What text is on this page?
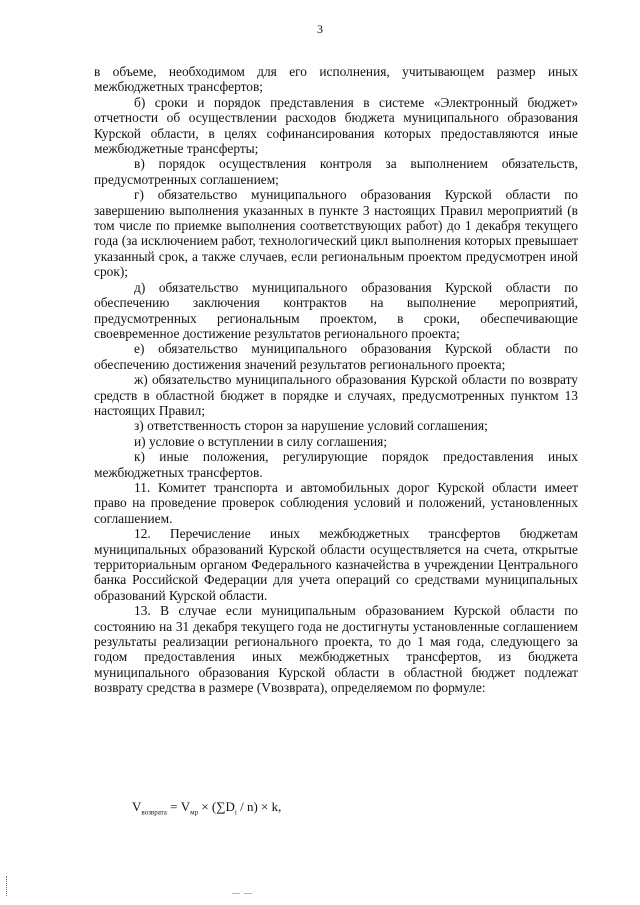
3

в объеме, необходимом для его исполнения, учитывающем размер иных межбюджетных трансфертов;

б) сроки и порядок представления в системе «Электронный бюджет» отчетности об осуществлении расходов бюджета муниципального образования Курской области, в целях софинансирования которых предоставляются иные межбюджетные трансферты;

в) порядок осуществления контроля за выполнением обязательств, предусмотренных соглашением;

г) обязательство муниципального образования Курской области по завершению выполнения указанных в пункте 3 настоящих Правил мероприятий (в том числе по приемке выполнения соответствующих работ) до 1 декабря текущего года (за исключением работ, технологический цикл выполнения которых превышает указанный срок, а также случаев, если региональным проектом предусмотрен иной срок);

д) обязательство муниципального образования Курской области по обеспечению заключения контрактов на выполнение мероприятий, предусмотренных региональным проектом, в сроки, обеспечивающие своевременное достижение результатов регионального проекта;

е) обязательство муниципального образования Курской области по обеспечению достижения значений результатов регионального проекта;

ж) обязательство муниципального образования Курской области по возврату средств в областной бюджет в порядке и случаях, предусмотренных пунктом 13 настоящих Правил;

з) ответственность сторон за нарушение условий соглашения;

и) условие о вступлении в силу соглашения;

к) иные положения, регулирующие порядок предоставления иных межбюджетных трансфертов.

11. Комитет транспорта и автомобильных дорог Курской области имеет право на проведение проверок соблюдения условий и положений, установленных соглашением.

12. Перечисление иных межбюджетных трансфертов бюджетам муниципальных образований Курской области осуществляется на счета, открытые территориальным органом Федерального казначейства в учреждении Центрального банка Российской Федерации для учета операций со средствами муниципальных образований Курской области.

13. В случае если муниципальным образованием Курской области по состоянию на 31 декабря текущего года не достигнуты установленные соглашением результаты реализации регионального проекта, то до 1 мая года, следующего за годом предоставления иных межбюджетных трансфертов, из бюджета муниципального образования Курской области в областной бюджет подлежат возврату средства в размере (Vвозврата), определяемом по формуле:

$V_{возврата} = V_{мр} \times (\sum D_i / n) \times k$,
— —
